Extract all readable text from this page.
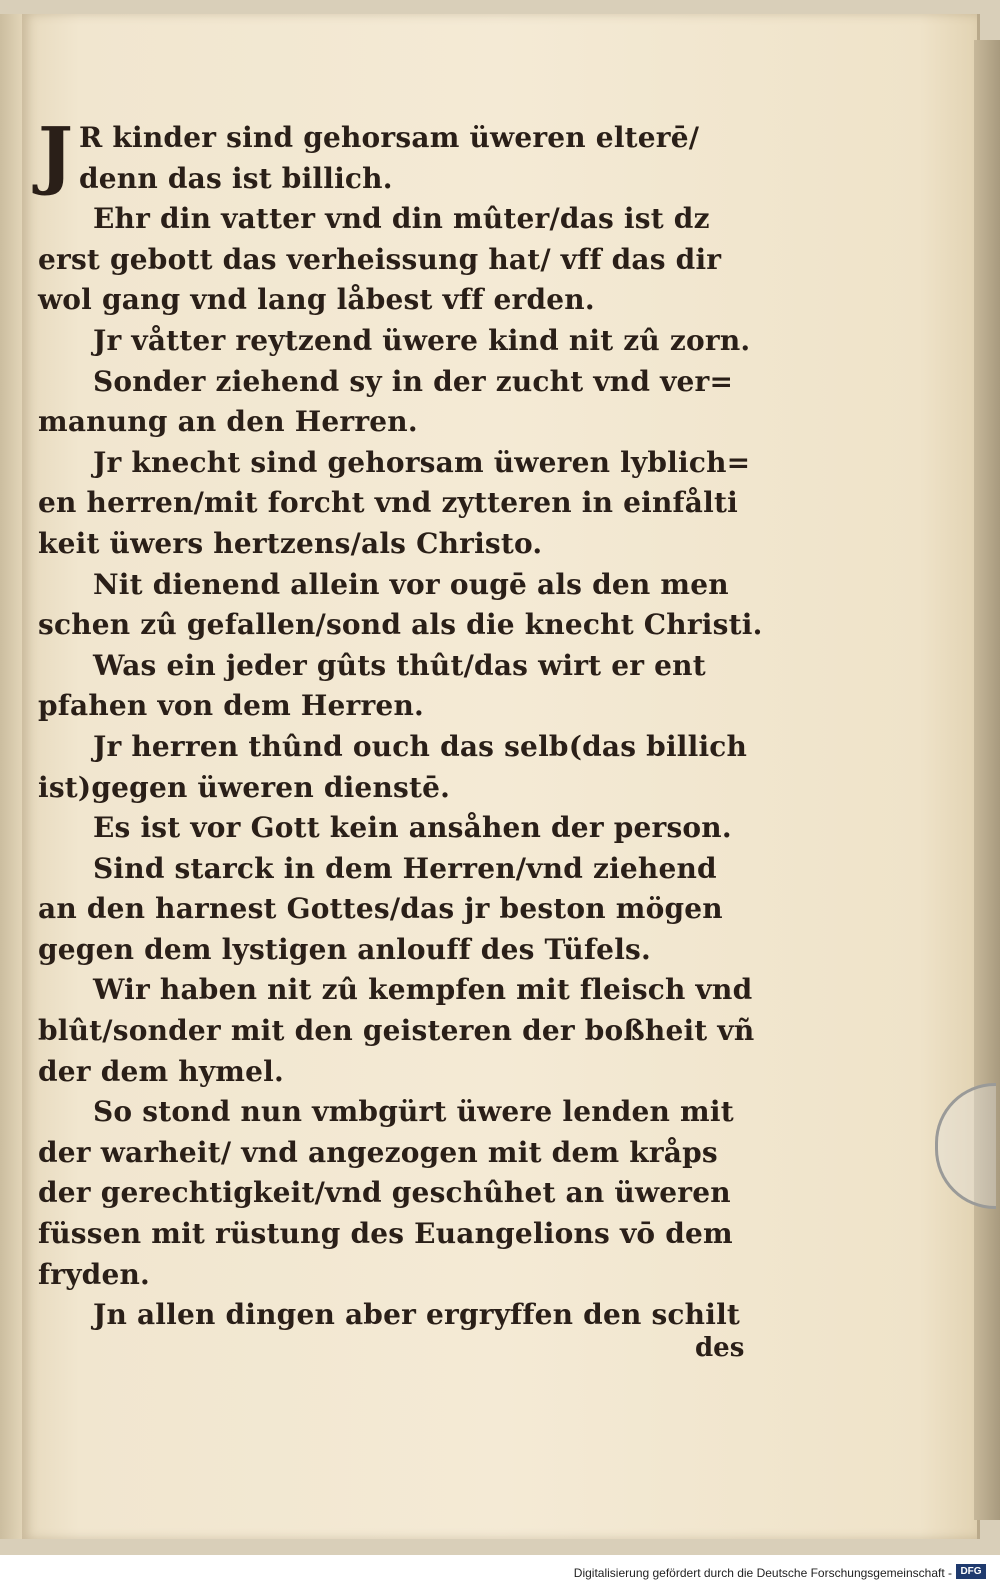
J R kinder sind gehorsam üweren elterē/
denn das ist billich.
Ehr din vatter vnd din mûter/das ist dz
erst gebott das verheissung hat/ vff das dir
wol gang vnd lang låbest vff erden.
Jr våtter reytzend üwere kind nit zû zorn.
Sonder ziehend sy in der zucht vnd ver=
manung an den Herren.
Jr knecht sind gehorsam üweren lyblich=
en herren/mit forcht vnd zytteren in einfålti
keit üwers hertzens/als Christo.
Nit dienend allein vor ougē als den men
schen zû gefallen/sond als die knecht Christi.
Was ein jeder gûts thût/das wirt er ent
pfahen von dem Herren.
Jr herren thûnd ouch das selb(das billich
ist)gegen üweren dienstē.
Es ist vor Gott kein ansåhen der person.
Sind starck in dem Herren/vnd ziehend
an den harnest Gottes/das jr beston mögen
gegen dem lystigen anlouff des Tüfels.
Wir haben nit zû kempfen mit fleisch vnd
blût/sonder mit den geisteren der boßheit vñ
der dem hymel.
So stond nun vmbgürt üwere lenden mit
der warheit/ vnd angezogen mit dem kråps
der gerechtigkeit/vnd geschûhet an üweren
füssen mit rüstung des Euangelions vō dem
fryden.
Jn allen dingen aber ergryffen den schilt
des
Digitalisierung gefördert durch die Deutsche Forschungsgemeinschaft - DFG
